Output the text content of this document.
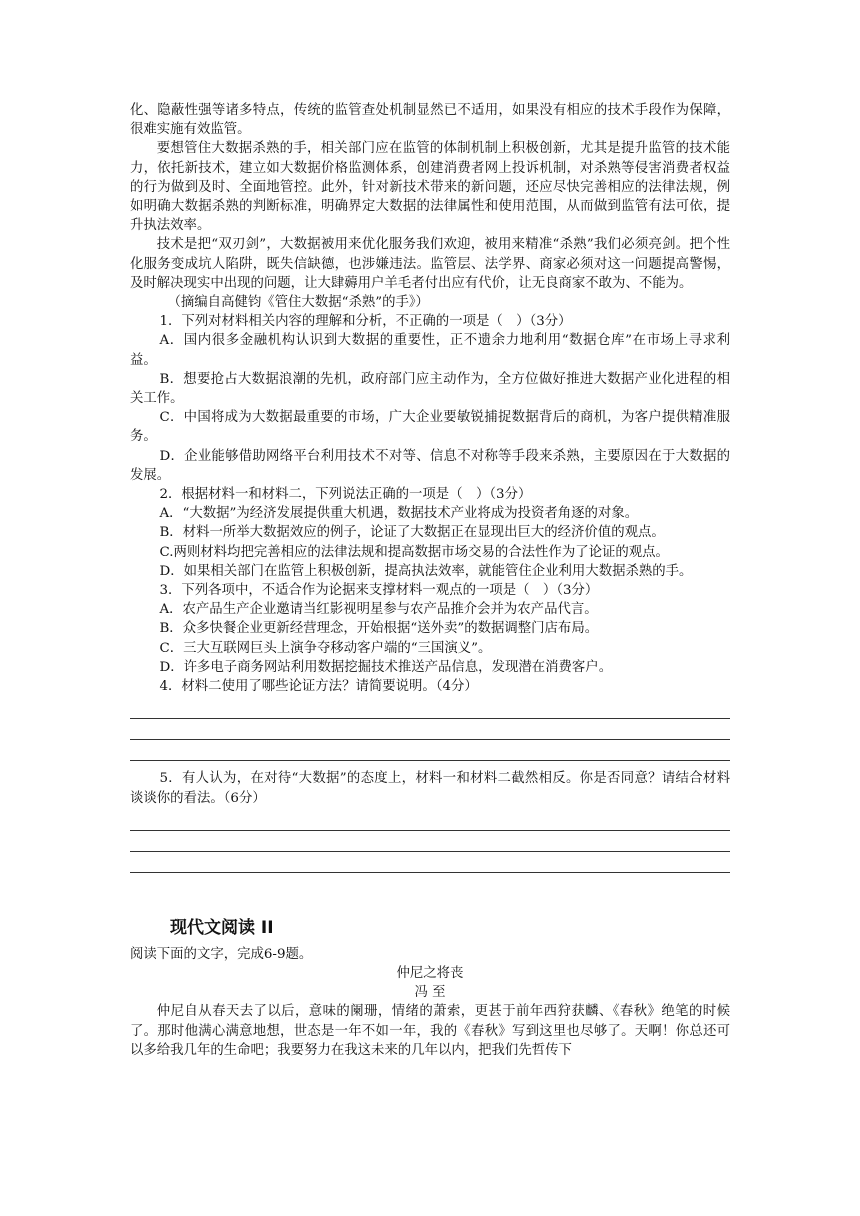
化、隐蔽性强等诸多特点，传统的监管查处机制显然已不适用，如果没有相应的技术手段作为保障，很难实施有效监管。

要想管住大数据杀熟的手，相关部门应在监管的体制机制上积极创新，尤其是提升监管的技术能力，依托新技术，建立如大数据价格监测体系，创建消费者网上投诉机制，对杀熟等侵害消费者权益的行为做到及时、全面地管控。此外，针对新技术带来的新问题，还应尽快完善相应的法律法规，例如明确大数据杀熟的判断标准，明确界定大数据的法律属性和使用范围，从而做到监管有法可依，提升执法效率。

技术是把“双刃剑”，大数据被用来优化服务我们欢迎，被用来精准“杀熟”我们必须亮剑。把个性化服务变成坑人陷阱，既失信缺德，也涉嫌违法。监管层、法学界、商家必须对这一问题提高警惕，及时解决现实中出现的问题，让大肆薅用户羊毛者付出应有代价，让无良商家不敢为、不能为。

（摘编自高健钧《管住大数据“杀熟”的手》）

1．下列对材料相关内容的理解和分析，不正确的一项是（　）（3分）

A．国内很多金融机构认识到大数据的重要性，正不遗余力地利用“数据仓库”在市场上寻求利益。

B．想要抢占大数据浪潮的先机，政府部门应主动作为，全方位做好推进大数据产业化进程的相关工作。

C．中国将成为大数据最重要的市场，广大企业要敏锐捕捉数据背后的商机，为客户提供精准服务。

D．企业能够借助网络平台利用技术不对等、信息不对称等手段来杀熟，主要原因在于大数据的发展。

2．根据材料一和材料二，下列说法正确的一项是（　）（3分）

A．“大数据”为经济发展提供重大机遇，数据技术产业将成为投资者角逐的对象。

B．材料一所举大数据效应的例子，论证了大数据正在显现出巨大的经济价值的观点。

C.两则材料均把完善相应的法律法规和提高数据市场交易的合法性作为了论证的观点。

D．如果相关部门在监管上积极创新，提高执法效率，就能管住企业利用大数据杀熟的手。

3．下列各项中，不适合作为论据来支撑材料一观点的一项是（　）（3分）

A．农产品生产企业邀请当红影视明星参与农产品推介会并为农产品代言。

B．众多快餐企业更新经营理念，开始根据“送外卖”的数据调整门店布局。

C．三大互联网巨头上演争夺移动客户端的“三国演义”。

D．许多电子商务网站利用数据挖掘技术推送产品信息，发现潜在消费客户。

4．材料二使用了哪些论证方法？请简要说明。（4分）

5．有人认为，在对待“大数据”的态度上，材料一和材料二截然相反。你是否同意？请结合材料谈谈你的看法。（6分）

现代文阅读 II

阅读下面的文字，完成6-9题。

仲尼之将丧

冯 至

仲尼自从春天去了以后，意味的阑珊，情绪的萧索，更甚于前年西狩获麟、《春秋》绝笔的时候了。那时他满心满意地想，世态是一年不如一年，我的《春秋》写到这里也尽够了。天啊！你总还可以多给我几年的生命吧；我要努力在我这未来的几年以内，把我们先哲传下
